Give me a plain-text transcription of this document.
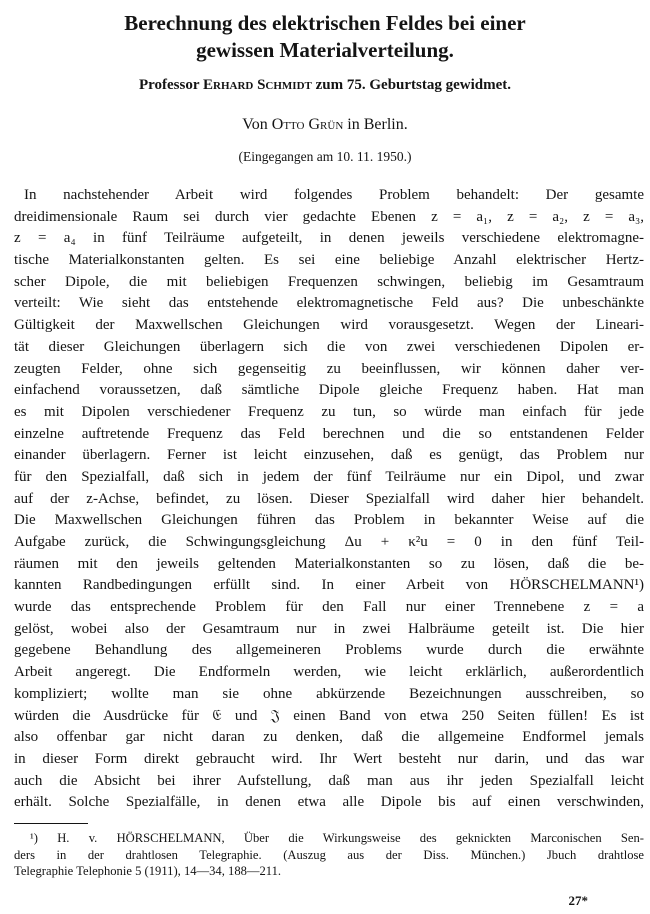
Berechnung des elektrischen Feldes bei einer
gewissen Materialverteilung.
Professor Erhard Schmidt zum 75. Geburtstag gewidmet.
Von Otto Grün in Berlin.
(Eingegangen am 10. 11. 1950.)
In nachstehender Arbeit wird folgendes Problem behandelt: Der gesamte
dreidimensionale Raum sei durch vier gedachte Ebenen z = a₁, z = a₂, z = a₃,
z = a₄ in fünf Teilräume aufgeteilt, in denen jeweils verschiedene elektromagne-
tische Materialkonstanten gelten. Es sei eine beliebige Anzahl elektrischer Hertz-
scher Dipole, die mit beliebigen Frequenzen schwingen, beliebig im Gesamtraum
verteilt: Wie sieht das entstehende elektromagnetische Feld aus? Die unbeschänkte
Gültigkeit der Maxwellschen Gleichungen wird vorausgesetzt. Wegen der Lineari-
tät dieser Gleichungen überlagern sich die von zwei verschiedenen Dipolen er-
zeugten Felder, ohne sich gegenseitig zu beeinflussen, wir können daher ver-
einfachend voraussetzen, daß sämtliche Dipole gleiche Frequenz haben. Hat man
es mit Dipolen verschiedener Frequenz zu tun, so würde man einfach für jede
einzelne auftretende Frequenz das Feld berechnen und die so entstandenen Felder
einander überlagern. Ferner ist leicht einzusehen, daß es genügt, das Problem nur
für den Spezialfall, daß sich in jedem der fünf Teilräume nur ein Dipol, und zwar
auf der z-Achse, befindet, zu lösen. Dieser Spezialfall wird daher hier behandelt.
Die Maxwellschen Gleichungen führen das Problem in bekannter Weise auf die
Aufgabe zurück, die Schwingungsgleichung Δu + κ²u = 0 in den fünf Teil-
räumen mit den jeweils geltenden Materialkonstanten so zu lösen, daß die be-
kannten Randbedingungen erfüllt sind. In einer Arbeit von HÖRSCHELMANN¹)
wurde das entsprechende Problem für den Fall nur einer Trennebene z = a
gelöst, wobei also der Gesamtraum nur in zwei Halbräume geteilt ist. Die hier
gegebene Behandlung des allgemeineren Problems wurde durch die erwähnte
Arbeit angeregt. Die Endformeln werden, wie leicht erklärlich, außerordentlich
kompliziert; wollte man sie ohne abkürzende Bezeichnungen ausschreiben, so
würden die Ausdrücke für 𝔈 und 𝔍 einen Band von etwa 250 Seiten füllen! Es ist
also offenbar gar nicht daran zu denken, daß die allgemeine Endformel jemals
in dieser Form direkt gebraucht wird. Ihr Wert besteht nur darin, und das war
auch die Absicht bei ihrer Aufstellung, daß man aus ihr jeden Spezialfall leicht
erhält. Solche Spezialfälle, in denen etwa alle Dipole bis auf einen verschwinden,
¹) H. v. HÖRSCHELMANN, Über die Wirkungsweise des geknickten Marconischen Sen-
ders in der drahtlosen Telegraphie. (Auszug aus der Diss. München.) Jbuch drahtlose
Telegraphie Telephonie 5 (1911), 14—34, 188—211.
27*
